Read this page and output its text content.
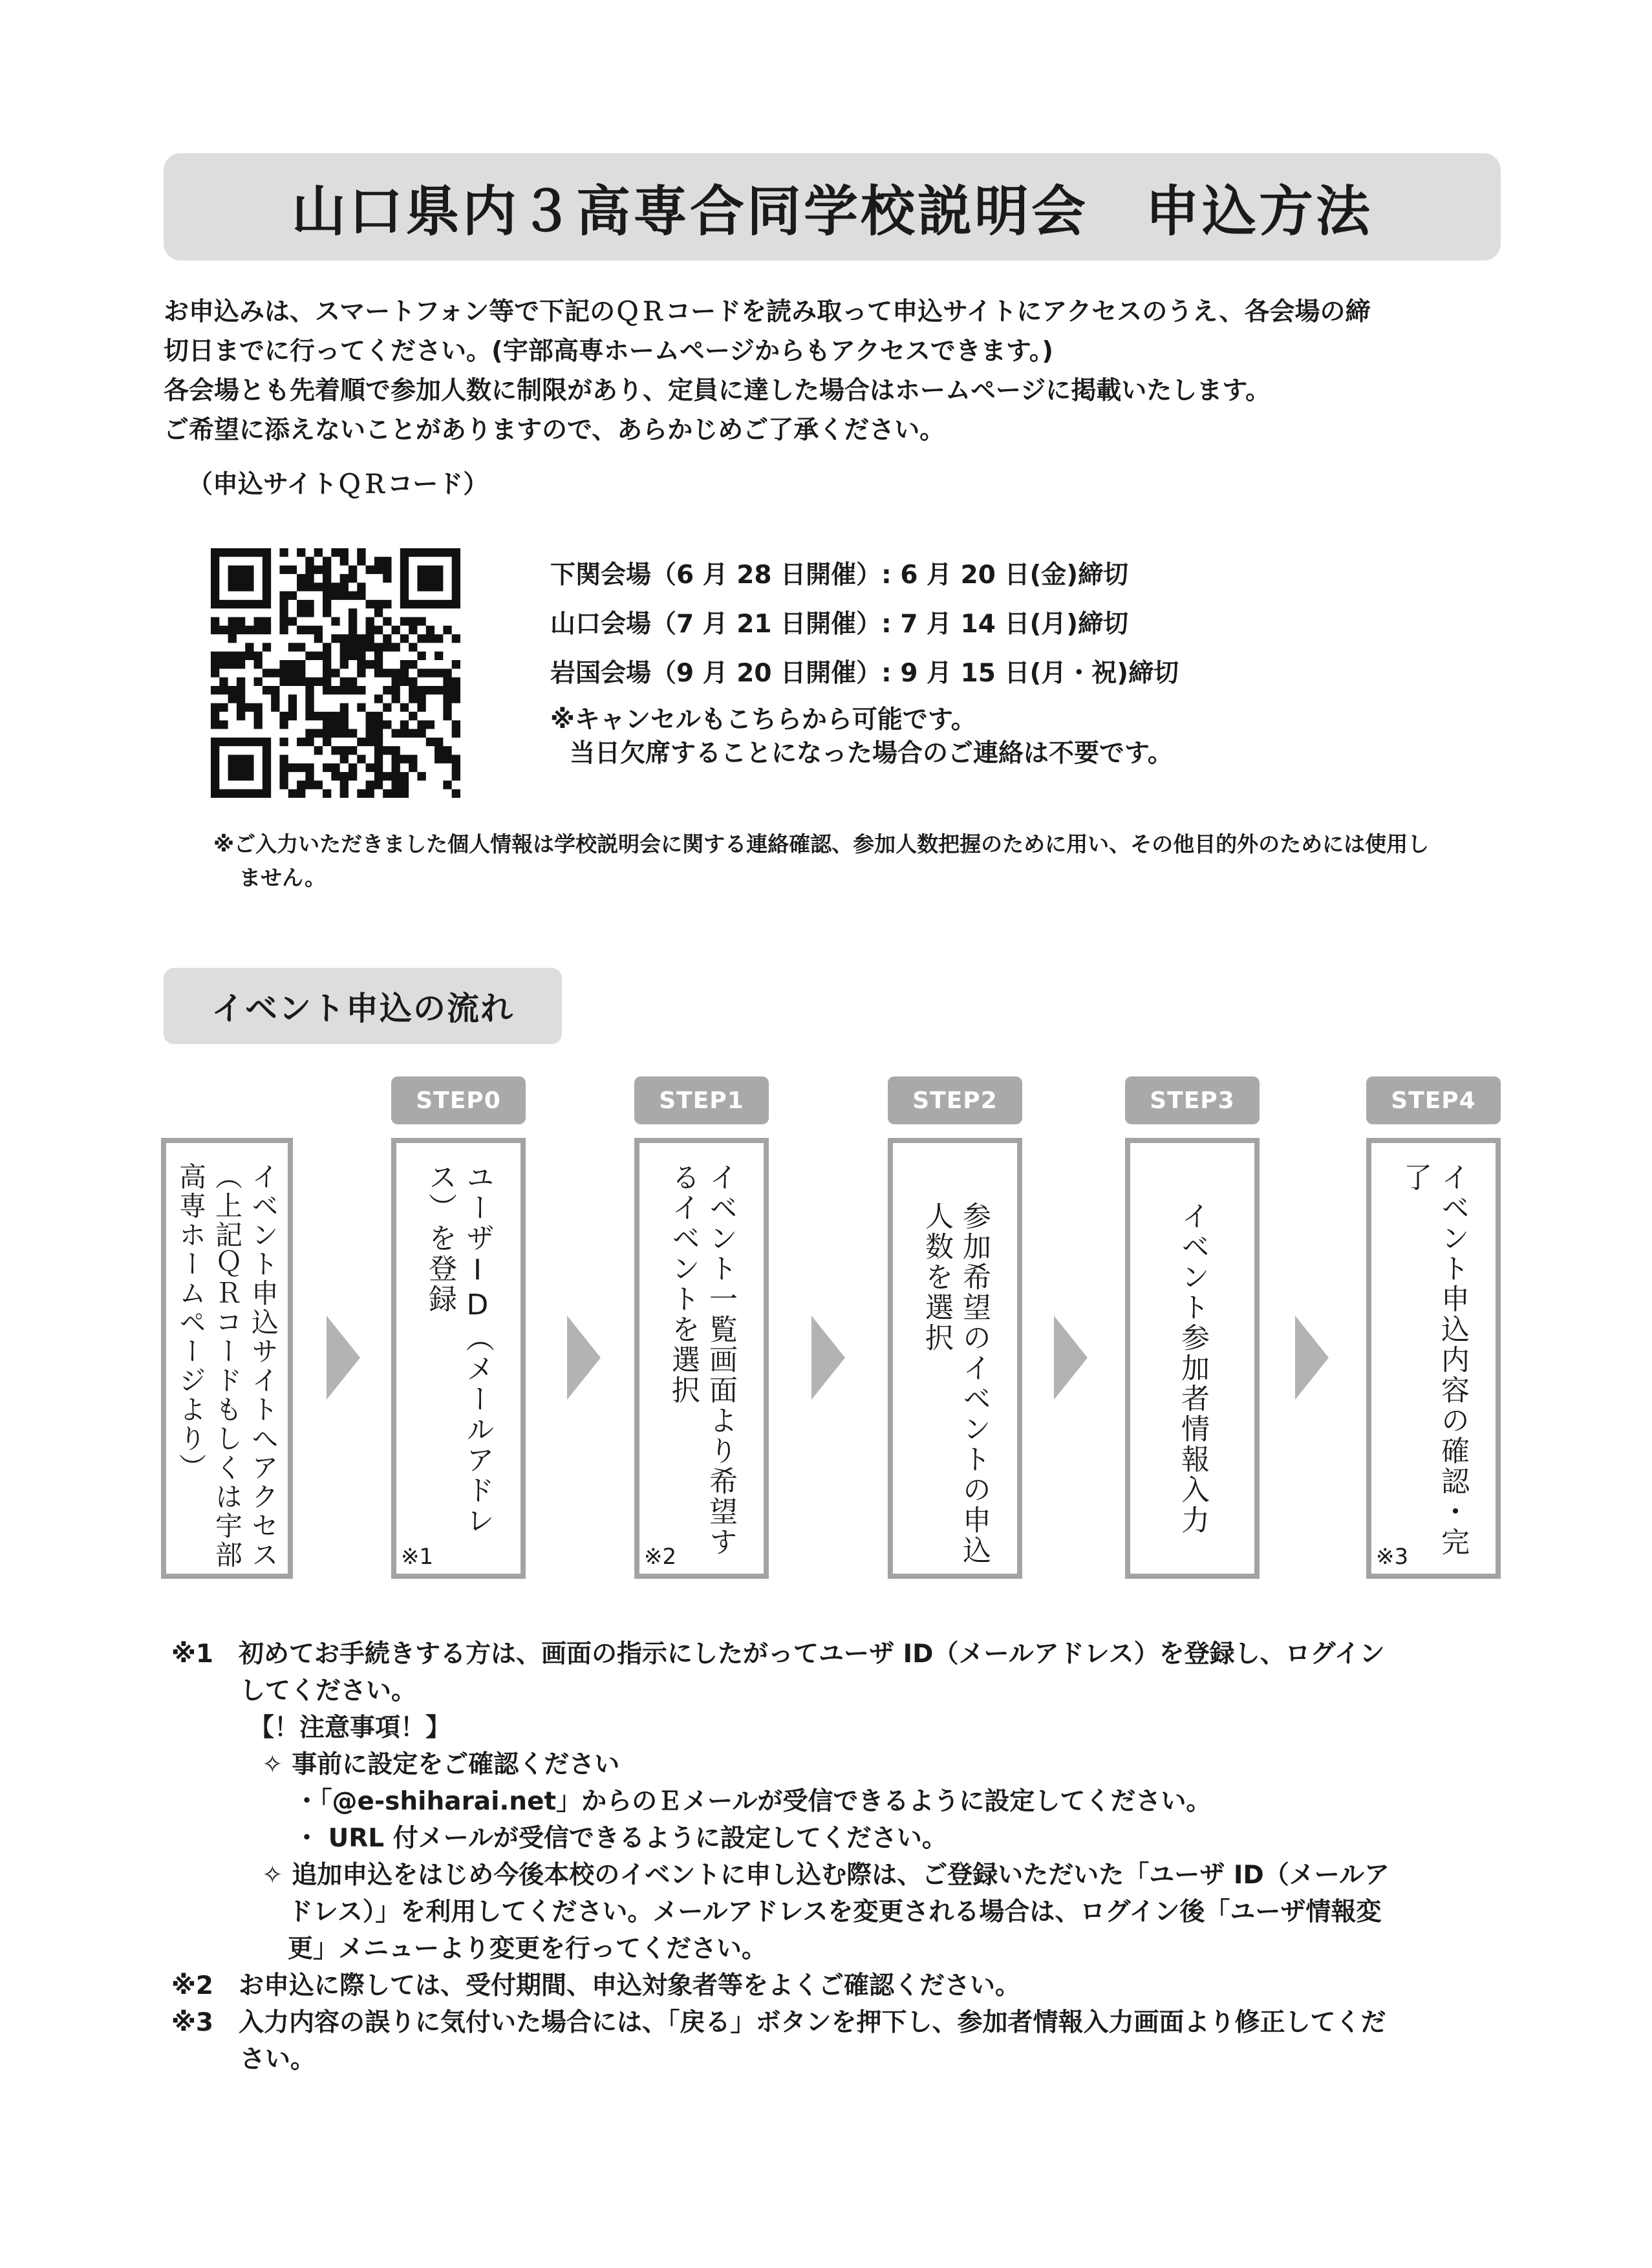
山口県内３高専合同学校説明会　申込方法

お申込みは、スマートフォン等で下記のＱＲコードを読み取って申込サイトにアクセスのうえ、各会場の締

切日までに行ってください。(宇部高専ホームページからもアクセスできます。)

各会場とも先着順で参加人数に制限があり、定員に達した場合はホームページに掲載いたします。

ご希望に添えないことがありますので、あらかじめご了承ください。

（申込サイトＱＲコード）
下関会場（6 月 28 日開催）: 6 月 20 日(金)締切
山口会場（7 月 21 日開催）: 7 月 14 日(月)締切
岩国会場（9 月 20 日開催）: 9 月 15 日(月・祝)締切
※キャンセルもこちらから可能です。
当日欠席することになった場合のご連絡は不要です。

※ご入力いただきました個人情報は学校説明会に関する連絡確認、参加人数把握のために用い、その他目的外のためには使用し

ません。

イベント申込の流れ
STEP0	STEP1	STEP2	STEP3	STEP4
イベント申込サイトへアクセス（上記ＱＲコードもしくは宇部高専ホームページより）	ユーザID（メールアドレス）を登録
※1	イベント一覧画面より希望するイベントを選択
※2	参加希望のイベントの申込人数を選択	イベント参加者情報入力	イベント申込内容の確認・完了
※3

※1　初めてお手続きする方は、画面の指示にしたがってユーザ ID（メールアドレス）を登録し、ログイン

してください。

【！注意事項！】

✧ 事前に設定をご確認ください

・「@e-shiharai.net」からのＥメールが受信できるように設定してください。

・ URL 付メールが受信できるように設定してください。

✧ 追加申込をはじめ今後本校のイベントに申し込む際は、ご登録いただいた「ユーザ ID（メールア

ドレス）」を利用してください。メールアドレスを変更される場合は、ログイン後「ユーザ情報変

更」メニューより変更を行ってください。

※2　お申込に際しては、受付期間、申込対象者等をよくご確認ください。

※3　入力内容の誤りに気付いた場合には、「戻る」ボタンを押下し、参加者情報入力画面より修正してくだ

さい。
